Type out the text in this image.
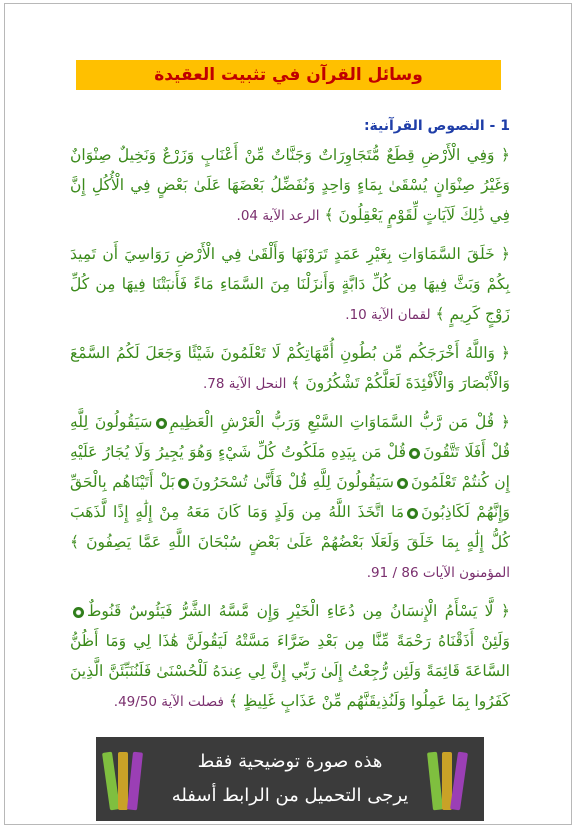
وسائل القرآن في تثبيت العقيدة
1 - النصوص القرآنية:
﴿ وَفِي الْأَرْضِ قِطَعٌ مُّتَجَاوِرَاتٌ وَجَنَّاتٌ مِّنْ أَعْنَابٍ وَزَرْعٌ وَنَخِيلٌ صِنْوَانٌ وَغَيْرُ صِنْوَانٍ يُسْقَىٰ بِمَاءٍ وَاحِدٍ وَنُفَضِّلُ بَعْضَهَا عَلَىٰ بَعْضٍ فِي الْأُكُلِ إِنَّ فِي ذَٰلِكَ لَآيَاتٍ لِّقَوْمٍ يَعْقِلُونَ ﴾ الرعد الآية 04.
﴿ خَلَقَ السَّمَاوَاتِ بِغَيْرِ عَمَدٍ تَرَوْنَهَا وَأَلْقَىٰ فِي الْأَرْضِ رَوَاسِيَ أَن تَمِيدَ بِكُمْ وَبَثَّ فِيهَا مِن كُلِّ دَابَّةٍ وَأَنزَلْنَا مِنَ السَّمَاءِ مَاءً فَأَنبَتْنَا فِيهَا مِن كُلِّ زَوْجٍ كَرِيمٍ ﴾ لقمان الآية 10.
﴿ وَاللَّهُ أَخْرَجَكُم مِّن بُطُونِ أُمَّهَاتِكُمْ لَا تَعْلَمُونَ شَيْئًا وَجَعَلَ لَكُمُ السَّمْعَ وَالْأَبْصَارَ وَالْأَفْئِدَةَ لَعَلَّكُمْ تَشْكُرُونَ ﴾ النحل الآية 78.
﴿ قُلْ مَن رَّبُّ السَّمَاوَاتِ السَّبْعِ وَرَبُّ الْعَرْشِ الْعَظِيمِسَيَقُولُونَ لِلَّهِ قُلْ أَفَلَا تَتَّقُونَقُلْ مَن بِيَدِهِ مَلَكُوتُ كُلِّ شَيْءٍ وَهُوَ يُجِيرُ وَلَا يُجَارُ عَلَيْهِ إِن كُنتُمْ تَعْلَمُونَسَيَقُولُونَ لِلَّهِ قُلْ فَأَنَّىٰ تُسْحَرُونَبَلْ أَتَيْنَاهُم بِالْحَقِّ وَإِنَّهُمْ لَكَاذِبُونَمَا اتَّخَذَ اللَّهُ مِن وَلَدٍ وَمَا كَانَ مَعَهُ مِنْ إِلَٰهٍ إِذًا لَّذَهَبَ كُلُّ إِلَٰهٍ بِمَا خَلَقَ وَلَعَلَا بَعْضُهُمْ عَلَىٰ بَعْضٍ سُبْحَانَ اللَّهِ عَمَّا يَصِفُونَ ﴾ المؤمنون الآيات 86 / 91.
﴿ لَّا يَسْأَمُ الْإِنسَانُ مِن دُعَاءِ الْخَيْرِ وَإِن مَّسَّهُ الشَّرُّ فَيَئُوسٌ قَنُوطٌوَلَئِنْ أَذَقْنَاهُ رَحْمَةً مِّنَّا مِن بَعْدِ ضَرَّاءَ مَسَّتْهُ لَيَقُولَنَّ هَٰذَا لِي وَمَا أَظُنُّ السَّاعَةَ قَائِمَةً وَلَئِن رُّجِعْتُ إِلَىٰ رَبِّي إِنَّ لِي عِندَهُ لَلْحُسْنَىٰ فَلَنُنَبِّئَنَّ الَّذِينَ كَفَرُوا بِمَا عَمِلُوا وَلَنُذِيقَنَّهُم مِّنْ عَذَابٍ غَلِيظٍ ﴾ فصلت الآية 49/50.
هذه صورة توضيحية فقط
يرجى التحميل من الرابط أسفله
